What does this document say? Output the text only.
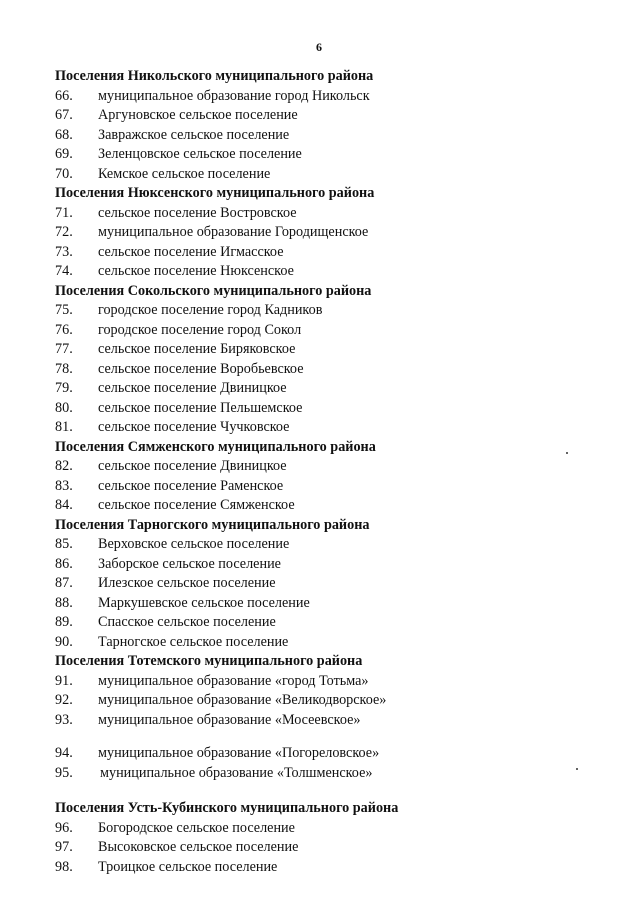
6
Поселения Никольского муниципального района
66.	муниципальное образование город Никольск
67.	Аргуновское сельское поселение
68.	Завражское сельское поселение
69.	Зеленцовское сельское поселение
70.	Кемское сельское поселение
Поселения Нюксенского муниципального района
71.	сельское поселение Востровское
72.	муниципальное образование Городищенское
73.	сельское поселение Игмасское
74.	сельское поселение Нюксенское
Поселения Сокольского муниципального района
75.	городское поселение город Кадников
76.	городское поселение город Сокол
77.	сельское поселение Биряковское
78.	сельское поселение Воробьевское
79.	сельское поселение Двиницкое
80.	сельское поселение Пельшемское
81.	сельское поселение Чучковское
Поселения Сямженского муниципального района
82.	сельское поселение Двиницкое
83.	сельское поселение Раменское
84.	сельское поселение Сямженское
Поселения Тарногского муниципального района
85.	Верховское сельское поселение
86.	Заборское сельское поселение
87.	Илезское сельское поселение
88.	Маркушевское сельское поселение
89.	Спасское сельское поселение
90.	Тарногское сельское поселение
Поселения Тотемского муниципального района
91.	муниципальное образование «город Тотьма»
92.	муниципальное образование «Великодворское»
93.	муниципальное образование «Мосеевское»
94.	муниципальное образование «Погореловское»
95.	муниципальное образование «Толшменское»
Поселения Усть-Кубинского муниципального района
96.	Богородское сельское поселение
97.	Высоковское сельское поселение
98.	Троицкое сельское поселение
